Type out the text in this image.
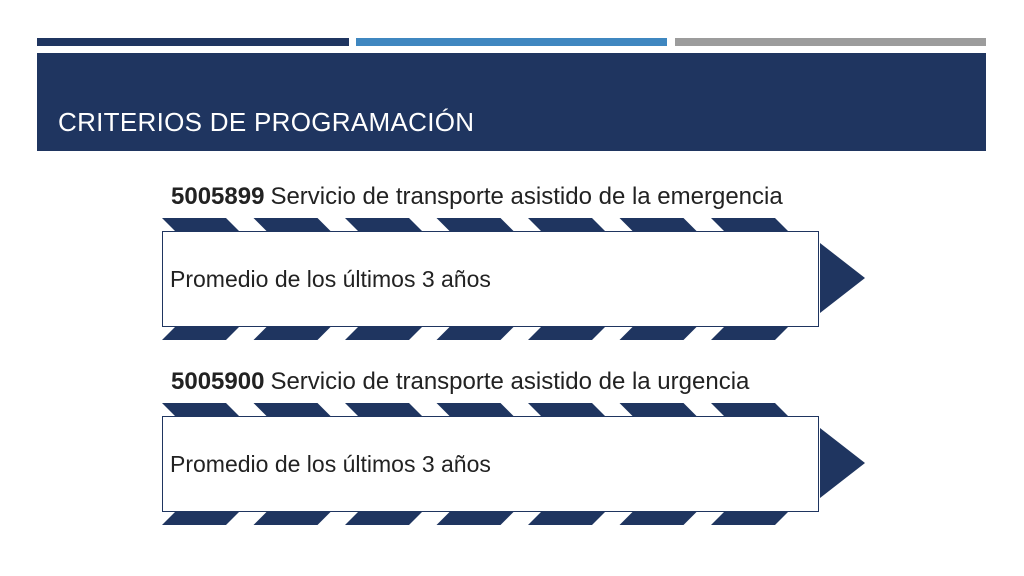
CRITERIOS DE PROGRAMACIÓN
5005899 Servicio de transporte asistido de la emergencia
Promedio de los últimos 3 años
5005900 Servicio de transporte asistido de la urgencia
Promedio de los últimos 3 años
